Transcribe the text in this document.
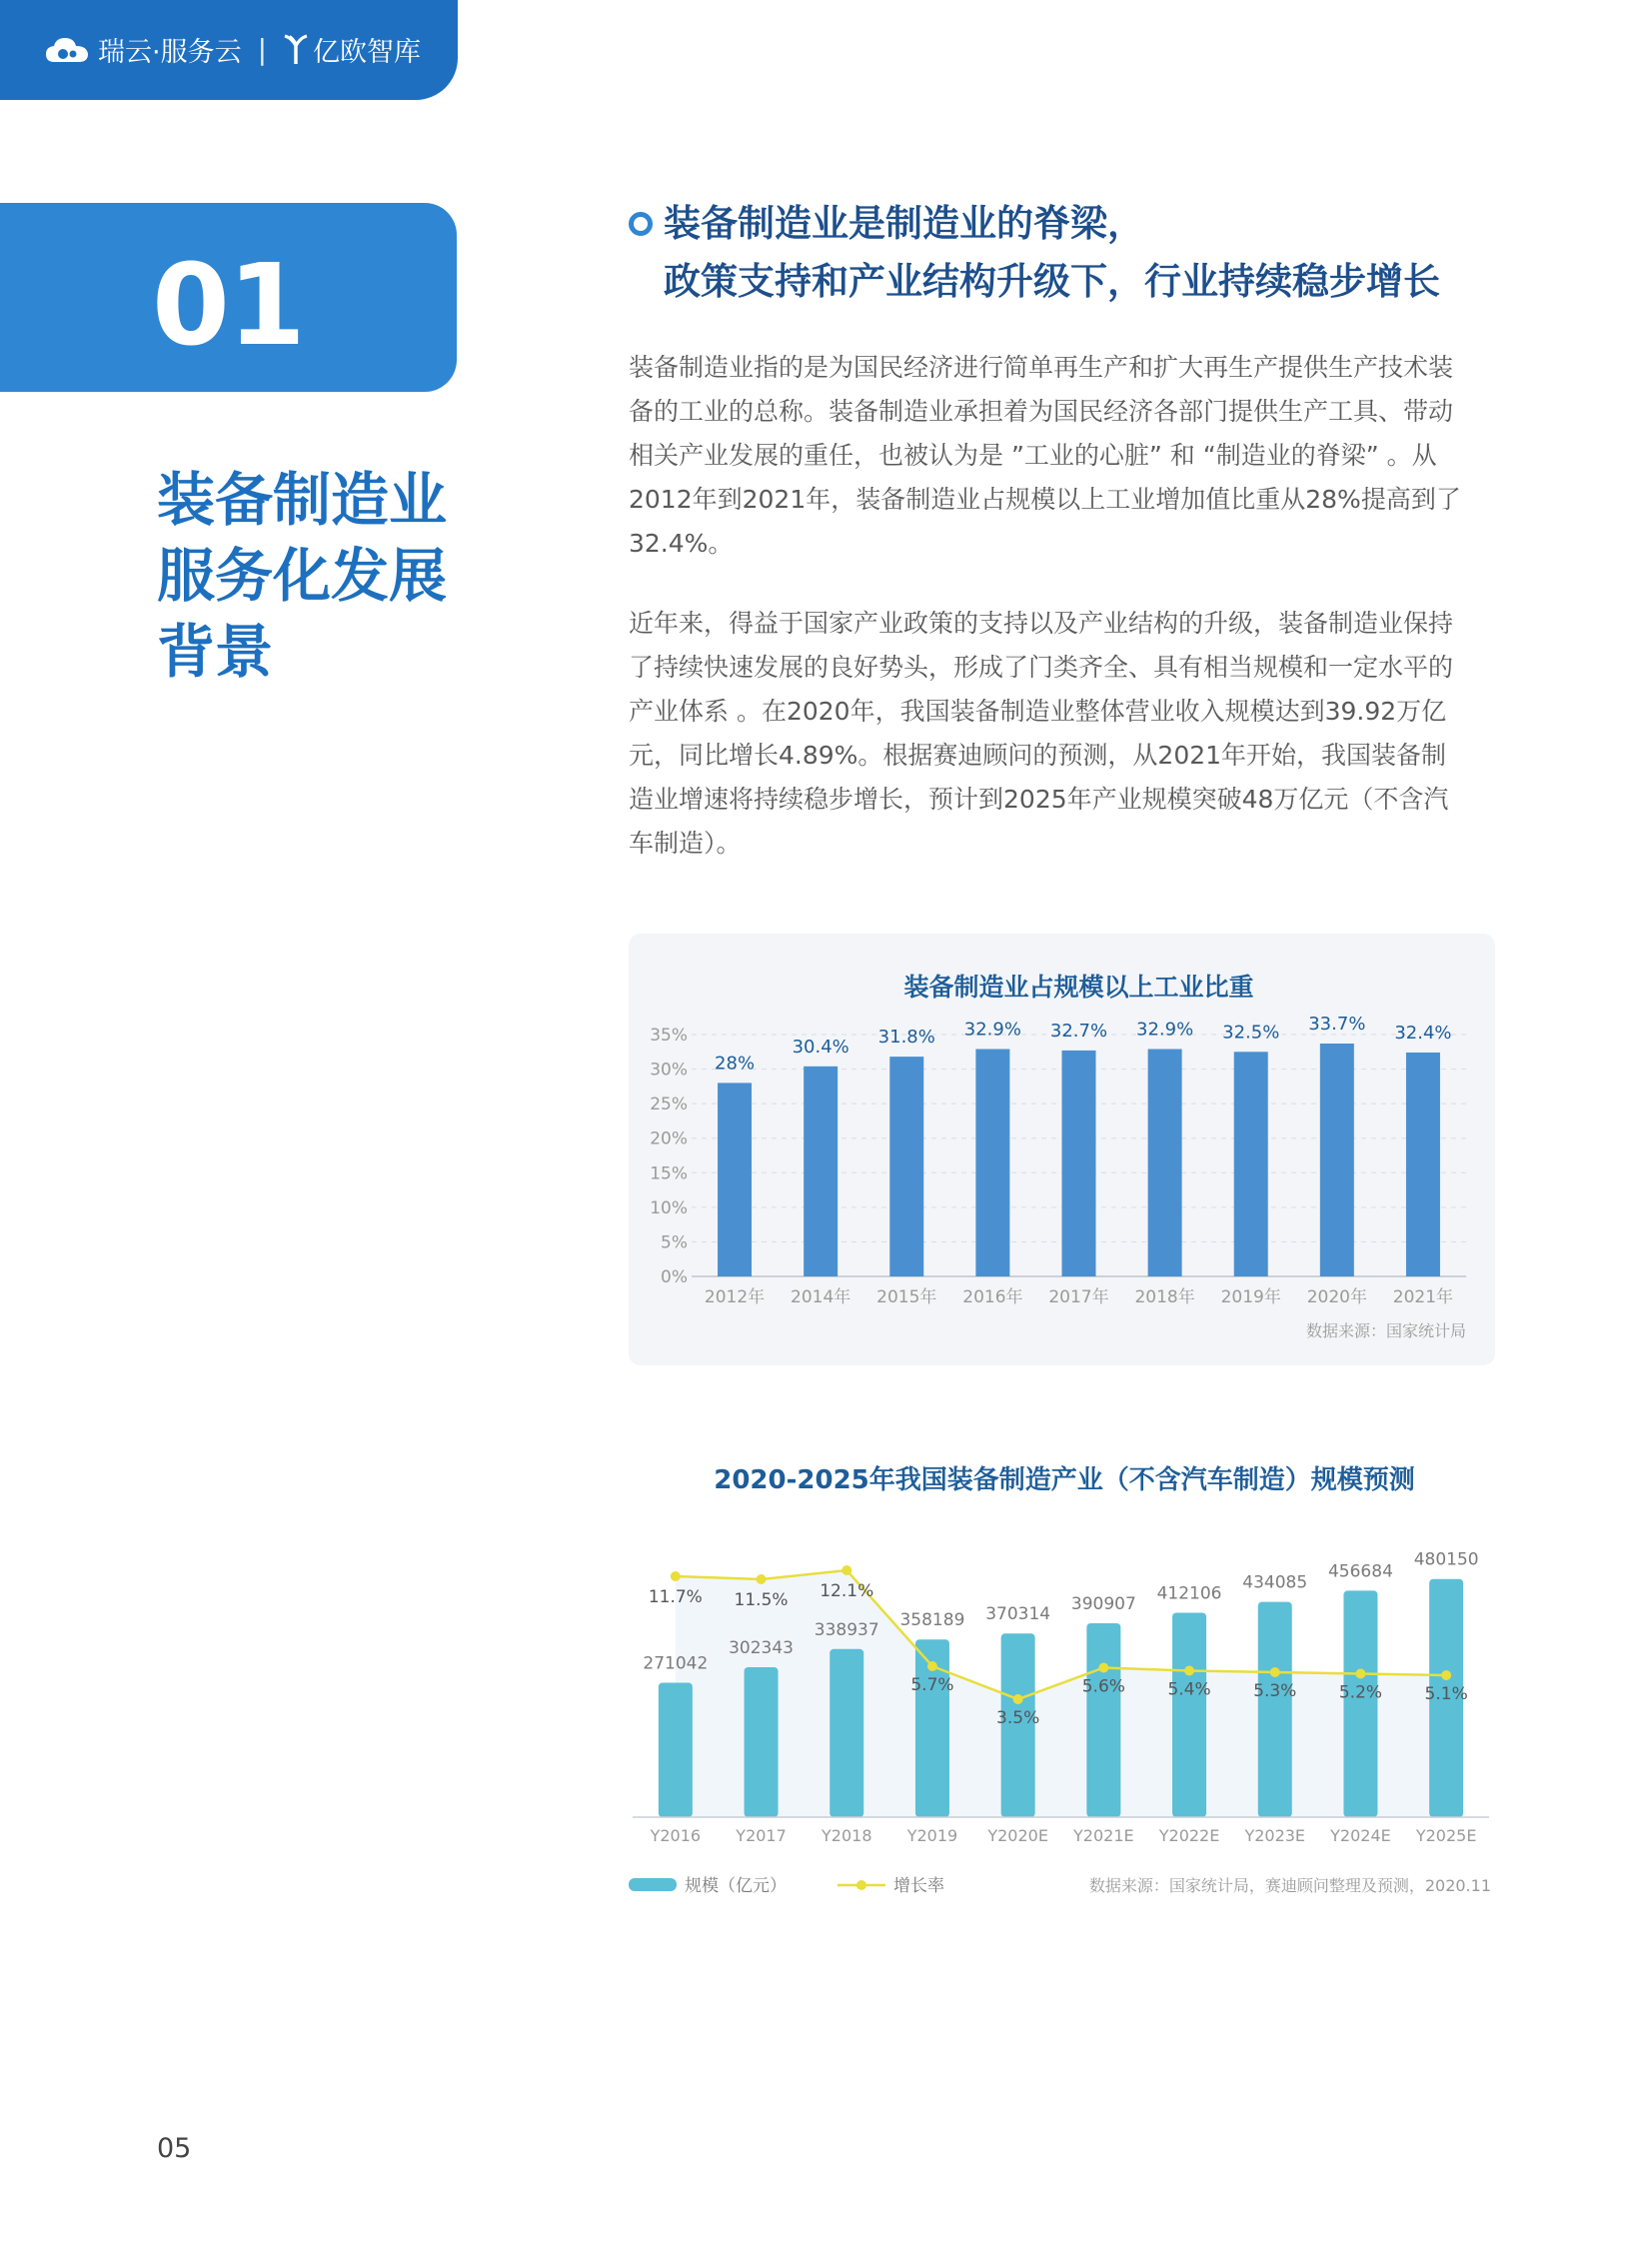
瑞云·服务云 | 亿欧智库
01
装备制造业
服务化发展
背景
装备制造业是制造业的脊梁，
政策支持和产业结构升级下，行业持续稳步增长
装备制造业指的是为国民经济进行简单再生产和扩大再生产提供生产技术装
备的工业的总称。装备制造业承担着为国民经济各部门提供生产工具、带动
相关产业发展的重任，也被认为是 ”工业的心脏” 和 “制造业的脊梁” 。从
2012年到2021年，装备制造业占规模以上工业增加值比重从28%提高到了
32.4%。
近年来，得益于国家产业政策的支持以及产业结构的升级，装备制造业保持
了持续快速发展的良好势头，形成了门类齐全、具有相当规模和一定水平的
产业体系 。在2020年，我国装备制造业整体营业收入规模达到39.92万亿
元，同比增长4.89%。根据赛迪顾问的预测，从2021年开始，我国装备制
造业增速将持续稳步增长，预计到2025年产业规模突破48万亿元（不含汽
车制造）。
装备制造业占规模以上工业比重
0%
5%
10%
15%
20%
25%
30%
35%
28%
2012年
30.4%
2014年
31.8%
2015年
32.9%
2016年
32.7%
2017年
32.9%
2018年
32.5%
2019年
33.7%
2020年
32.4%
2021年
数据来源：国家统计局
2020-2025年我国装备制造产业（不含汽车制造）规模预测
271042
Y2016
302343
Y2017
338937
Y2018
358189
Y2019
370314
Y2020E
390907
Y2021E
412106
Y2022E
434085
Y2023E
456684
Y2024E
480150
Y2025E
11.7% 11.5% 12.1%
5.7%
3.5%
5.6% 5.4% 5.3% 5.2% 5.1%
规模（亿元）	增长率	数据来源：国家统计局，赛迪顾问整理及预测，2020.11
05
